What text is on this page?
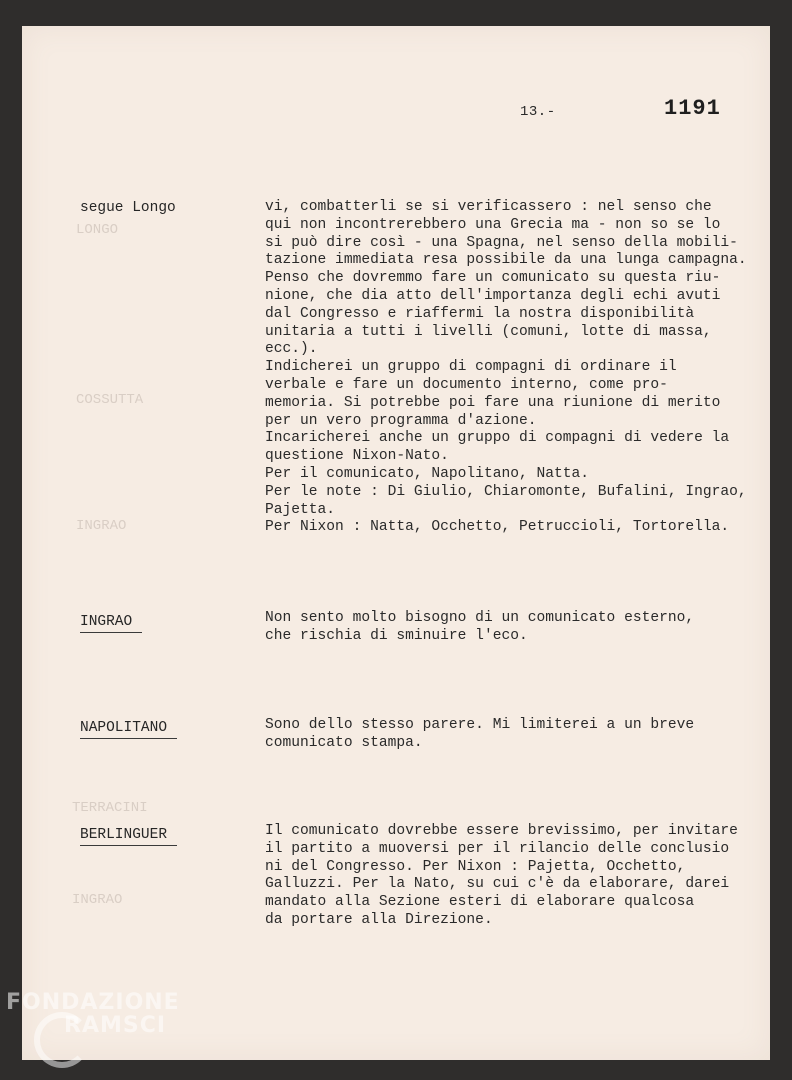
LONGO
COSSUTTA
INGRAO
TERRACINI
INGRAO
13.-	1191
segue Longo	vi, combatterli se si verificassero : nel senso che
qui non incontrerebbero una Grecia ma - non so se lo
si può dire così - una Spagna, nel senso della mobili-
tazione immediata resa possibile da una lunga campagna.
Penso che dovremmo fare un comunicato su questa riu-
nione, che dia atto dell'importanza degli echi avuti
dal Congresso e riaffermi la nostra disponibilità
unitaria a tutti i livelli (comuni, lotte di massa,
ecc.).
Indicherei un gruppo di compagni di ordinare il
verbale e fare un documento interno, come pro-
memoria. Si potrebbe poi fare una riunione di merito
per un vero programma d'azione.
Incaricherei anche un gruppo di compagni di vedere la
questione Nixon-Nato.
Per il comunicato, Napolitano, Natta.
Per le note : Di Giulio, Chiaromonte, Bufalini, Ingrao,
Pajetta.
Per Nixon : Natta, Occhetto, Petruccioli, Tortorella.
INGRAO	Non sento molto bisogno di un comunicato esterno,
che rischia di sminuire l'eco.
NAPOLITANO	Sono dello stesso parere. Mi limiterei a un breve
comunicato stampa.
BERLINGUER	Il comunicato dovrebbe essere brevissimo, per invitare
il partito a muoversi per il rilancio delle conclusio
ni del Congresso. Per Nixon : Pajetta, Occhetto,
Galluzzi. Per la Nato, su cui c'è da elaborare, darei
mandato alla Sezione esteri di elaborare qualcosa
da portare alla Direzione.
FONDAZIONE
RAMSCI
